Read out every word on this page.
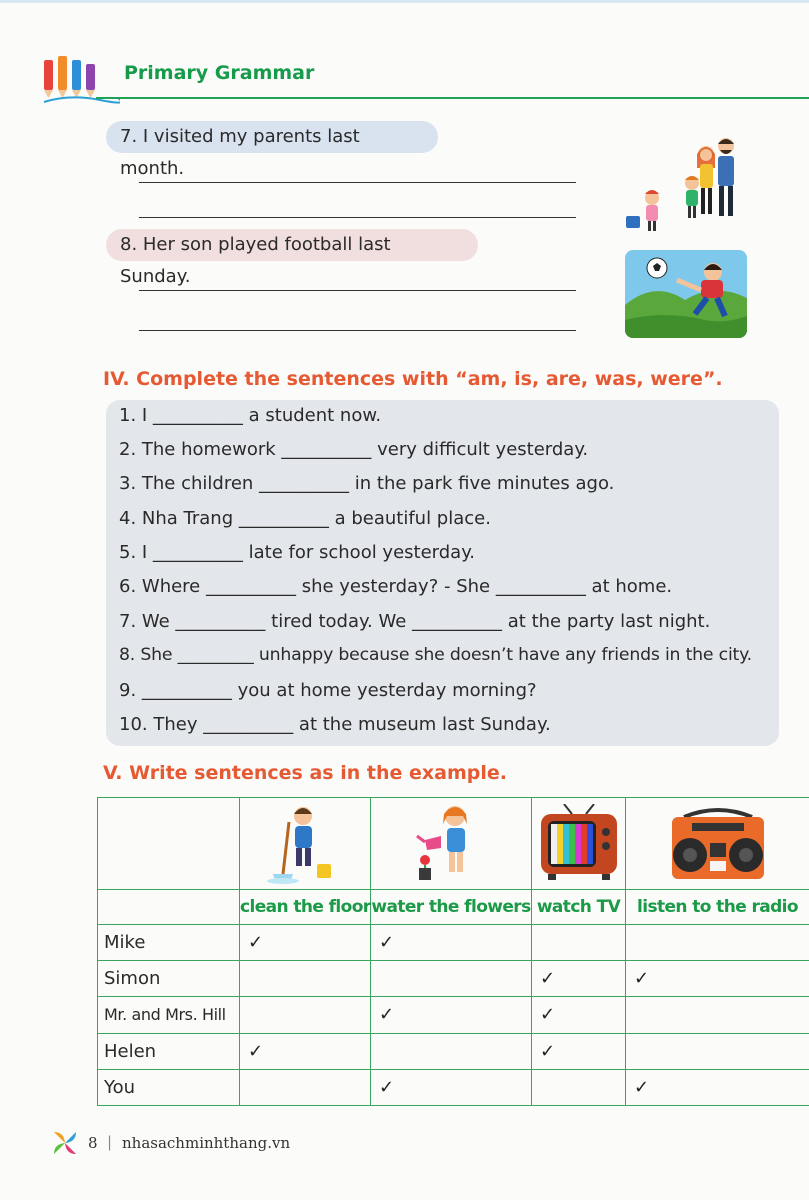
Primary Grammar
7. I visited my parents last month.
8. Her son played football last Sunday.
IV. Complete the sentences with “am, is, are, was, were”.
1. I __________ a student now.
2. The homework __________ very difficult yesterday.
3. The children __________ in the park five minutes ago.
4. Nha Trang __________ a beautiful place.
5. I __________ late for school yesterday.
6. Where __________ she yesterday? - She __________ at home.
7. We __________ tired today. We __________ at the party last night.
8. She _________ unhappy because she doesn’t have any friends in the city.
9. __________ you at home yesterday morning?
10. They __________ at the museum last Sunday.
V. Write sentences as in the example.

	clean the floor	water the flowers	watch TV	listen to the radio
Mike	✓	✓		
Simon			✓	✓
Mr. and Mrs. Hill		✓	✓	
Helen	✓		✓	
You		✓		✓
8 | nhasachminhthang.vn
